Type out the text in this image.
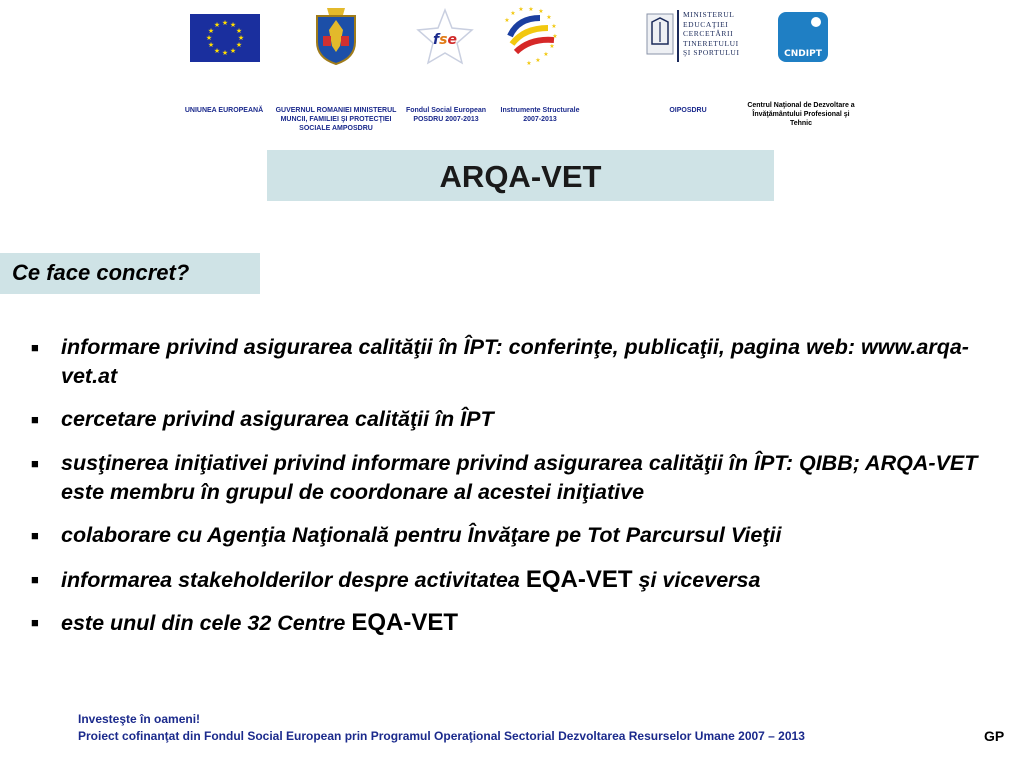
★ ★
★
★
★
★
★
★
★
★
★
★
fse
★ ★
★
★
★
★
★
★
★
★
★
★
MINISTERUL
EDUCAŢIEI
CERCETĂRII
TINERETULUI
ŞI SPORTULUI	CNDIPT
UNIUNEA EUROPEANĂ	GUVERNUL ROMANIEI MINISTERUL MUNCII, FAMILIEI ŞI PROTECŢIEI SOCIALE AMPOSDRU
Fondul Social European POSDRU 2007-2013
Instrumente Structurale 2007-2013
OIPOSDRU
Centrul Naţional de Dezvoltare a Învăţământului Profesional şi Tehnic
ARQA-VET
Ce face concret?
■ informare privind asigurarea calităţii în ÎPT: conferinţe, publicaţii, pagina web: www.arqa-vet.at
■ cercetare privind asigurarea calităţii în ÎPT
■ susţinerea iniţiativei privind informare privind asigurarea calităţii în ÎPT: QIBB; ARQA-VET este membru în grupul de coordonare al acestei iniţiative
■ colaborare cu Agenţia Naţională pentru Învăţare pe Tot Parcursul Vieţii
■ informarea stakeholderilor despre activitatea EQA-VET şi viceversa
■ este unul din cele 32 Centre EQA-VET
Investeşte în oameni!
Proiect cofinanţat din Fondul Social European prin Programul Operaţional Sectorial Dezvoltarea Resurselor Umane 2007 – 2013	GP
